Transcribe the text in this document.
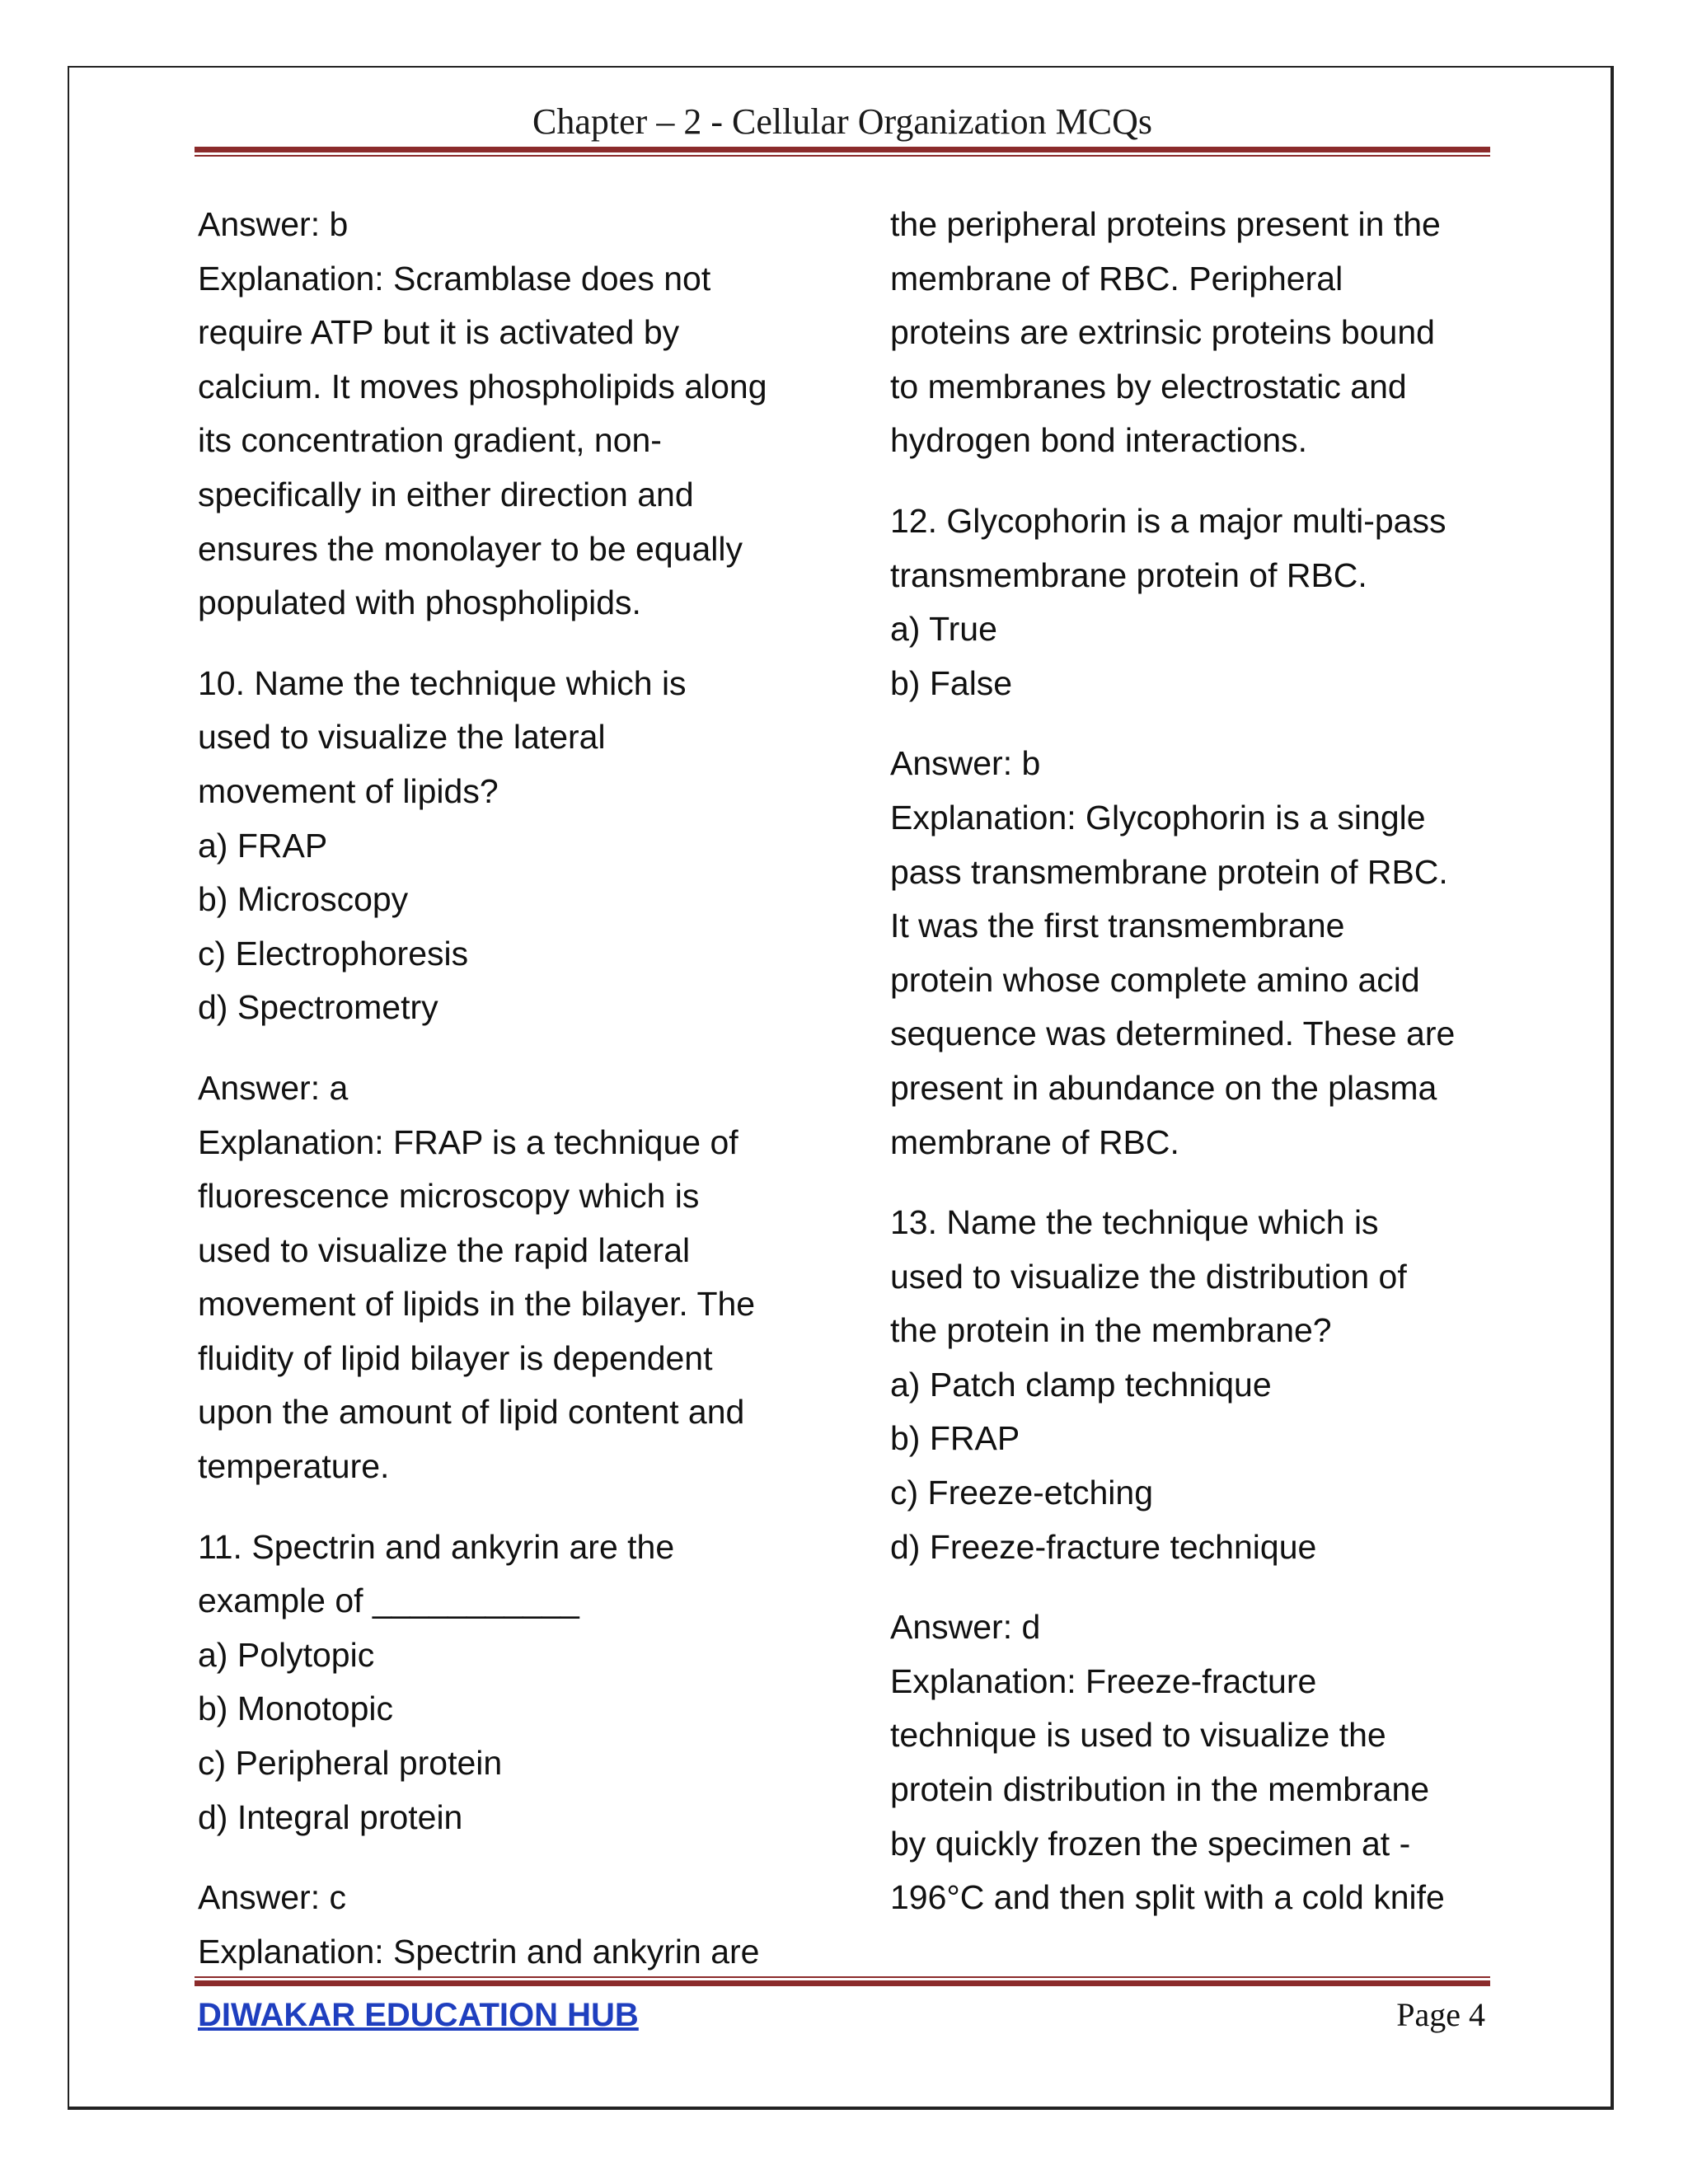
Chapter – 2 - Cellular Organization MCQs
Answer: b
Explanation: Scramblase does not
require ATP but it is activated by
calcium. It moves phospholipids along
its concentration gradient, non-
specifically in either direction and
ensures the monolayer to be equally
populated with phospholipids.
10. Name the technique which is
used to visualize the lateral
movement of lipids?
a) FRAP
b) Microscopy
c) Electrophoresis
d) Spectrometry
Answer: a
Explanation: FRAP is a technique of
fluorescence microscopy which is
used to visualize the rapid lateral
movement of lipids in the bilayer. The
fluidity of lipid bilayer is dependent
upon the amount of lipid content and
temperature.
11. Spectrin and ankyrin are the
example of ___________
a) Polytopic
b) Monotopic
c) Peripheral protein
d) Integral protein
Answer: c
Explanation: Spectrin and ankyrin are
the peripheral proteins present in the
membrane of RBC. Peripheral
proteins are extrinsic proteins bound
to membranes by electrostatic and
hydrogen bond interactions.
12. Glycophorin is a major multi-pass
transmembrane protein of RBC.
a) True
b) False
Answer: b
Explanation: Glycophorin is a single
pass transmembrane protein of RBC.
It was the first transmembrane
protein whose complete amino acid
sequence was determined. These are
present in abundance on the plasma
membrane of RBC.
13. Name the technique which is
used to visualize the distribution of
the protein in the membrane?
a) Patch clamp technique
b) FRAP
c) Freeze-etching
d) Freeze-fracture technique
Answer: d
Explanation: Freeze-fracture
technique is used to visualize the
protein distribution in the membrane
by quickly frozen the specimen at -
196°C and then split with a cold knife
DIWAKAR EDUCATION HUB	Page 4
